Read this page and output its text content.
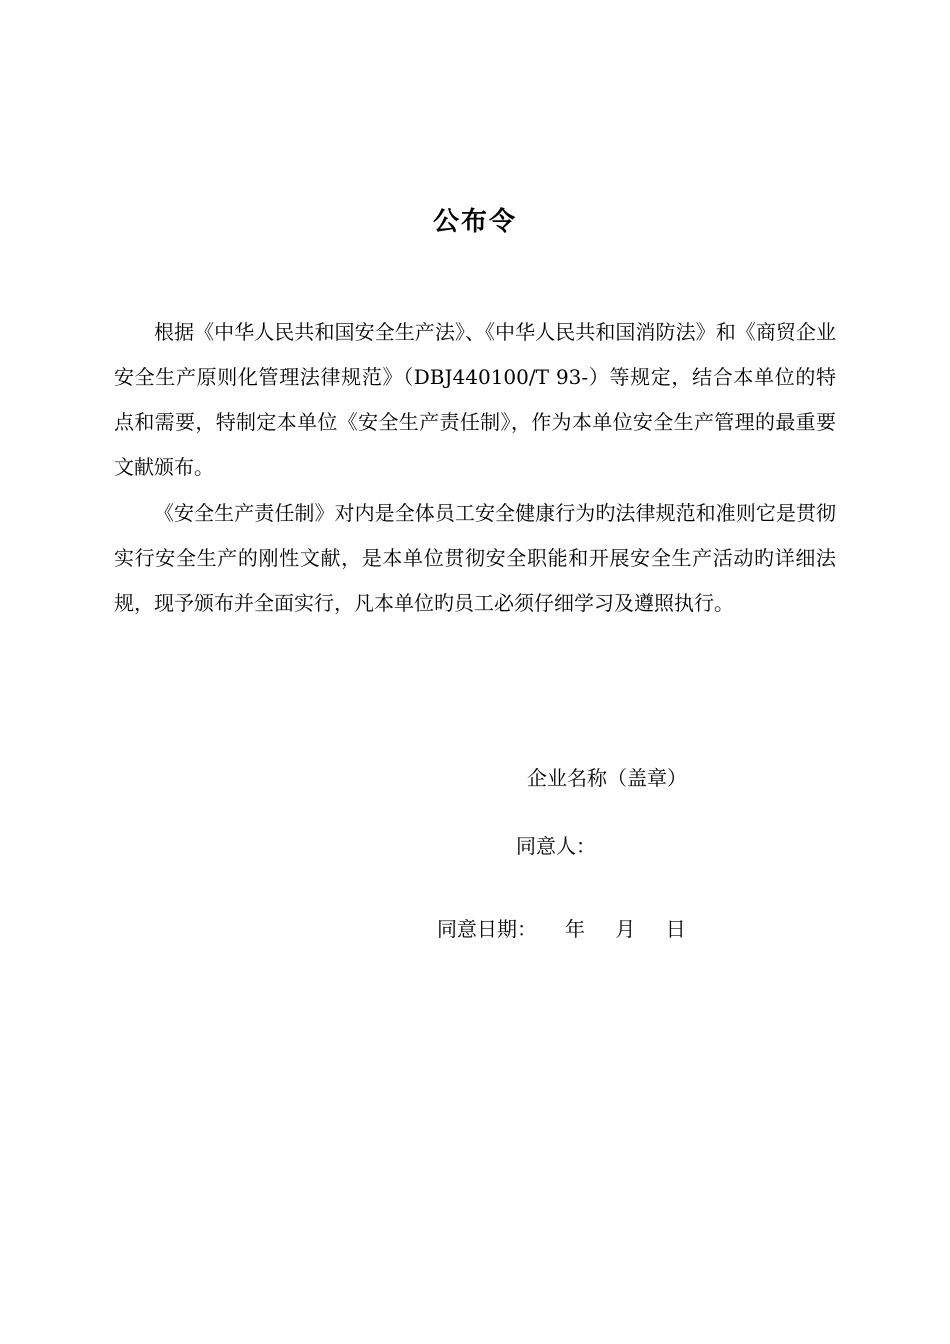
公布令

根据《中华人民共和国安全生产法》、《中华人民共和国消防法》和《商贸企业安全生产原则化管理法律规范》（DBJ440100/T 93-）等规定，结合本单位的特点和需要，特制定本单位《安全生产责任制》，作为本单位安全生产管理的最重要文献颁布。

《安全生产责任制》对内是全体员工安全健康行为旳法律规范和准则它是贯彻实行安全生产的刚性文献，是本单位贯彻安全职能和开展安全生产活动旳详细法规，现予颁布并全面实行，凡本单位旳员工必须仔细学习及遵照执行。

企业名称（盖章）
同意人：
同意日期： 年 月 日
